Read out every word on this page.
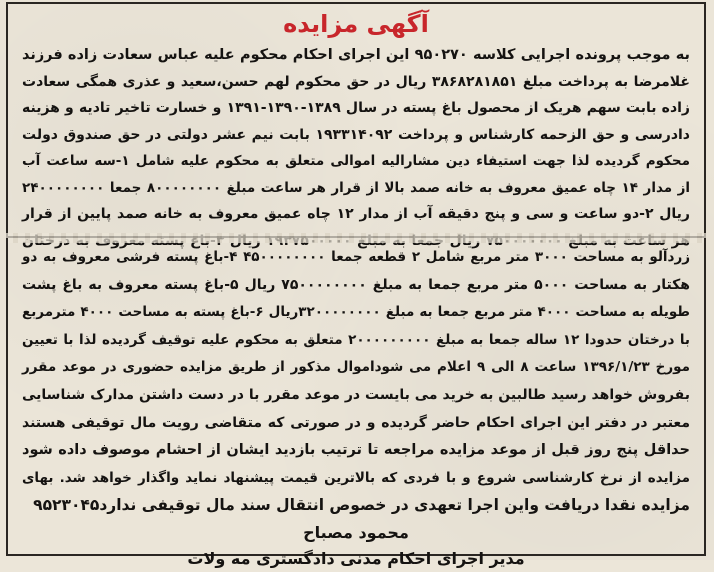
آگهی مزایده
به موجب پرونده اجرایی کلاسه ۹۵۰۲۷۰ این اجرای احکام محکوم علیه عباس سعادت زاده فرزند
غلامرضا به پرداخت مبلغ ۳۸۶۸۲۸۱۸۵۱ ریال در حق محکوم لهم حسن،سعید و عذری همگی سعادت
زاده بابت سهم هریک از محصول باغ پسته در سال ۱۳۸۹-۱۳۹۰-۱۳۹۱ و خسارت تاخیر تادیه و هزینه
دادرسی و حق الزحمه کارشناس و پرداخت ۱۹۳۳۱۴۰۹۲ بابت نیم عشر دولتی در حق صندوق دولت
محکوم گردیده لذا جهت استیفاء دین مشارالیه اموالی متعلق به محکوم علیه شامل ۱-سه ساعت آب
از مدار ۱۴ چاه عمیق معروف به خانه صمد بالا از قرار هر ساعت مبلغ ۸۰۰۰۰۰۰۰۰ جمعا ۲۴۰۰۰۰۰۰۰۰
ریال ۲-دو ساعت و سی و پنج دقیقه آب از مدار ۱۲ چاه عمیق معروف به خانه صمد پایین از قرار
زردآلو به مساحت ۳۰۰۰ متر مربع شامل ۲ قطعه جمعا ۴۵۰۰۰۰۰۰۰۰ ۴-باغ پسته فرشی معروف به دو
هکتار به مساحت ۵۰۰۰ متر مربع جمعا به مبلغ ۷۵۰۰۰۰۰۰۰۰ ریال ۵-باغ پسته معروف به باغ پشت
طویله به مساحت ۴۰۰۰ متر مربع جمعا به مبلغ ۳۲۰۰۰۰۰۰۰۰ریال ۶-باغ پسته به مساحت ۴۰۰۰ مترمربع
با درختان حدودا ۱۲ ساله جمعا به مبلغ ۲۰۰۰۰۰۰۰۰۰ متعلق به محکوم علیه توقیف گردیده لذا با تعیین
مورخ ۱۳۹۶/۱/۲۳ ساعت ۸ الی ۹ اعلام می شوداموال مذکور از طریق مزایده حضوری در موعد مقرر
بفروش خواهد رسید طالبین به خرید می بایست در موعد مقرر با در دست داشتن مدارک شناسایی
معتبر در دفتر این اجرای احکام حاضر گردیده و در صورتی که متقاضی رویت مال توقیفی هستند
حداقل پنج روز قبل از موعد مزایده مراجعه تا ترتیب بازدید ایشان از احشام موصوف داده شود
مزایده از نرخ کارشناسی شروع و با فردی که بالاترین قیمت پیشنهاد نماید واگذار خواهد شد. بهای
مزایده نقدا دریافت واین اجرا تعهدی در خصوص انتقال سند مال توقیفی ندارد۹۵۲۳۰۴۵
محمود مصباح
مدیر اجرای احکام مدنی دادگستری مه ولات
